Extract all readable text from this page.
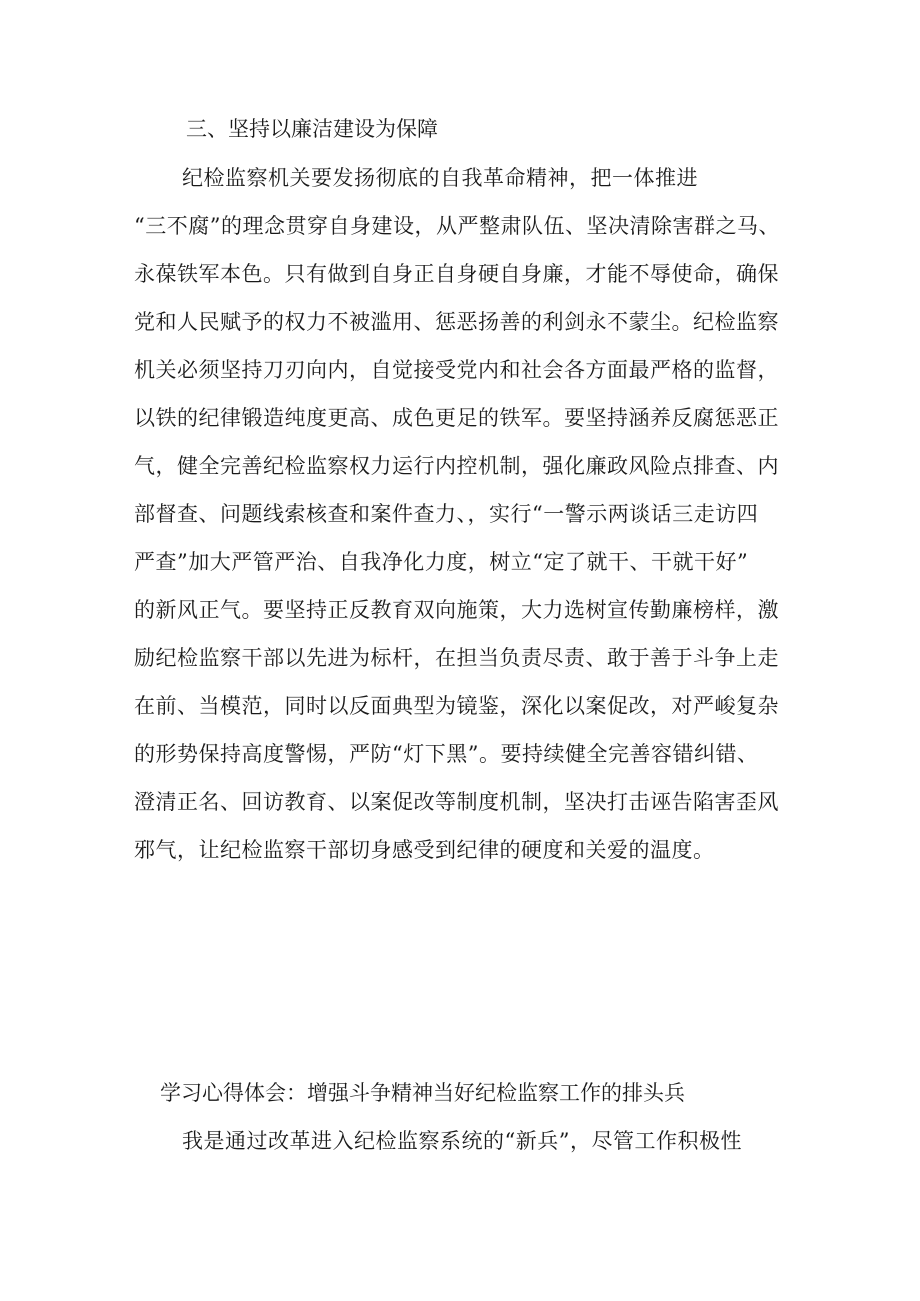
三、坚持以廉洁建设为保障
纪检监察机关要发扬彻底的自我革命精神，把一体推进
“三不腐”的理念贯穿自身建设，从严整肃队伍、坚决清除害群之马、
永葆铁军本色。只有做到自身正自身硬自身廉，才能不辱使命，确保
党和人民赋予的权力不被滥用、惩恶扬善的利剑永不蒙尘。纪检监察
机关必须坚持刀刃向内，自觉接受党内和社会各方面最严格的监督，
以铁的纪律锻造纯度更高、成色更足的铁军。要坚持涵养反腐惩恶正
气，健全完善纪检监察权力运行内控机制，强化廉政风险点排查、内
部督查、问题线索核查和案件查力、，实行“一警示两谈话三走访四
严查”加大严管严治、自我净化力度，树立“定了就干、干就干好”
的新风正气。要坚持正反教育双向施策，大力选树宣传勤廉榜样，激
励纪检监察干部以先进为标杆，在担当负责尽责、敢于善于斗争上走
在前、当模范，同时以反面典型为镜鉴，深化以案促改，对严峻复杂
的形势保持高度警惕，严防“灯下黑”。要持续健全完善容错纠错、
澄清正名、回访教育、以案促改等制度机制，坚决打击诬告陷害歪风
邪气，让纪检监察干部切身感受到纪律的硬度和关爱的温度。
学习心得体会：增强斗争精神当好纪检监察工作的排头兵
我是通过改革进入纪检监察系统的“新兵”，尽管工作积极性
